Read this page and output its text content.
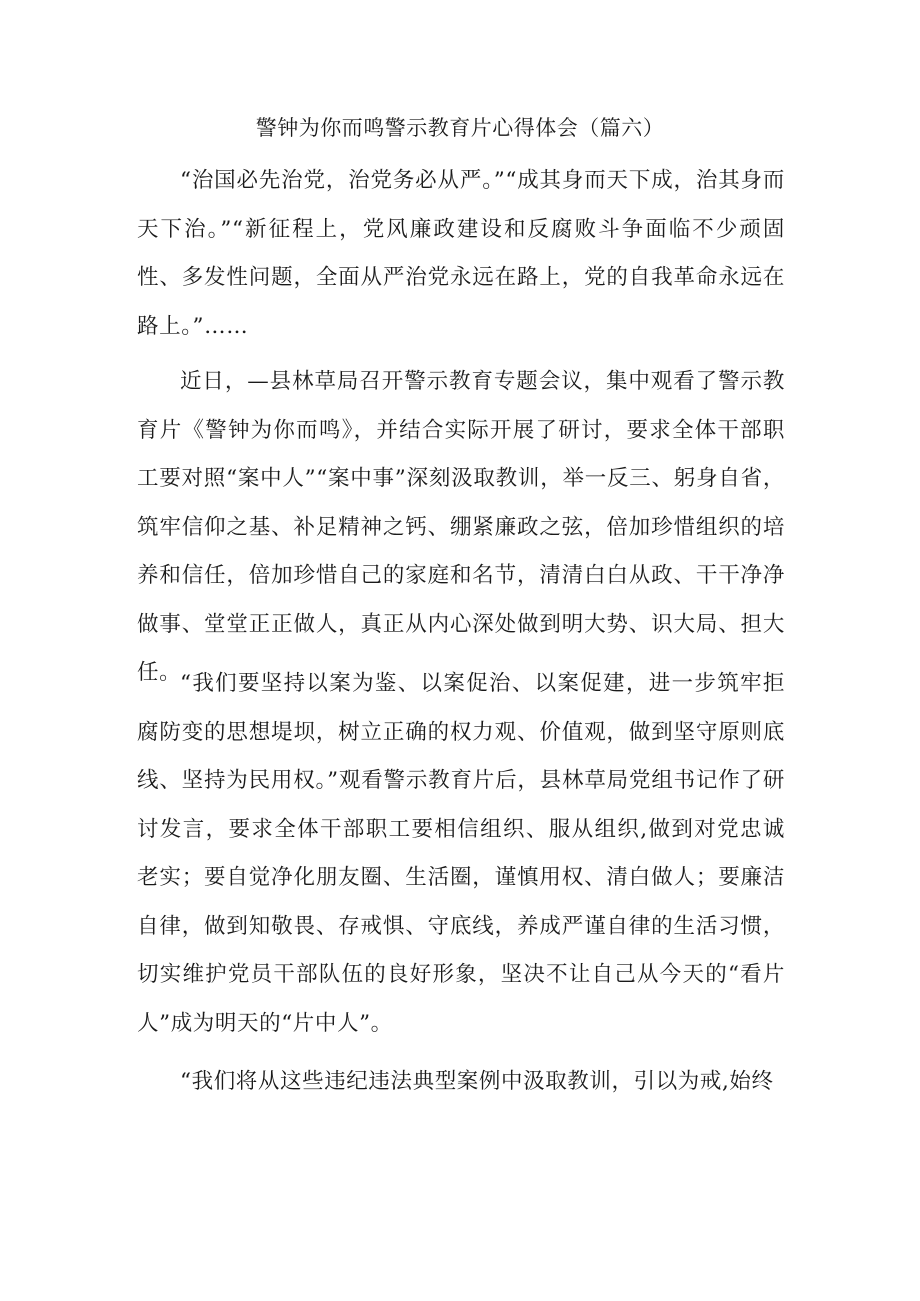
警钟为你而鸣警示教育片心得体会（篇六）

“治国必先治党，治党务必从严。”“成其身而天下成，治其身而天下治。”“新征程上，党风廉政建设和反腐败斗争面临不少顽固性、多发性问题，全面从严治党永远在路上，党的自我革命永远在路上。”……

近日，—县林草局召开警示教育专题会议，集中观看了警示教育片《警钟为你而鸣》，并结合实际开展了研讨，要求全体干部职工要对照“案中人”“案中事”深刻汲取教训，举一反三、躬身自省，筑牢信仰之基、补足精神之钙、绷紧廉政之弦，倍加珍惜组织的培养和信任，倍加珍惜自己的家庭和名节，清清白白从政、干干净净做事、堂堂正正做人，真正从内心深处做到明大势、识大局、担大任。

“我们要坚持以案为鉴、以案促治、以案促建，进一步筑牢拒腐防变的思想堤坝，树立正确的权力观、价值观，做到坚守原则底线、坚持为民用权。”观看警示教育片后，县林草局党组书记作了研讨发言，要求全体干部职工要相信组织、服从组织,做到对党忠诚老实；要自觉净化朋友圈、生活圈，谨慎用权、清白做人；要廉洁自律，做到知敬畏、存戒惧、守底线，养成严谨自律的生活习惯，切实维护党员干部队伍的良好形象，坚决不让自己从今天的“看片人”成为明天的“片中人”。

“我们将从这些违纪违法典型案例中汲取教训，引以为戒,始终
